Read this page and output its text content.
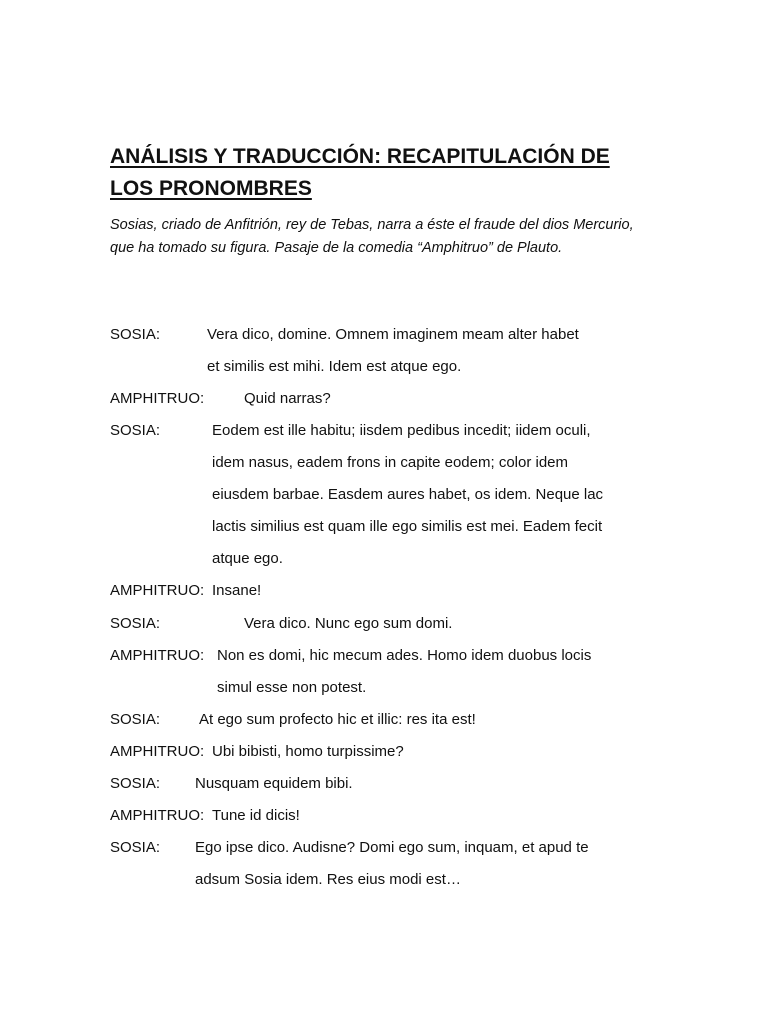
ANÁLISIS Y TRADUCCIÓN: RECAPITULACIÓN DE LOS PRONOMBRES
Sosias, criado de Anfitrión, rey de Tebas, narra a éste el fraude del dios Mercurio, que ha tomado su figura. Pasaje de la comedia “Amphitruo” de Plauto.
SOSIA:	Vera dico, domine. Omnem imaginem meam alter habet
et similis est mihi. Idem est atque ego.
AMPHITRUO:	Quid narras?
SOSIA:	Eodem est ille habitu; iisdem pedibus incedit; iidem oculi,
idem nasus, eadem frons in capite eodem; color idem
eiusdem barbae. Easdem aures habet, os idem. Neque lac
lactis similius est quam ille ego similis est mei. Eadem fecit
atque ego.
AMPHITRUO: Insane!
SOSIA:	Vera dico. Nunc ego sum domi.
AMPHITRUO: Non es domi, hic mecum ades. Homo idem duobus locis
simul esse non potest.
SOSIA:	At ego sum profecto hic et illic: res ita est!
AMPHITRUO: Ubi bibisti, homo turpissime?
SOSIA: Nusquam equidem bibi.
AMPHITRUO: Tune id dicis!
SOSIA: Ego ipse dico. Audisne? Domi ego sum, inquam, et apud te
adsum Sosia idem. Res eius modi est…
